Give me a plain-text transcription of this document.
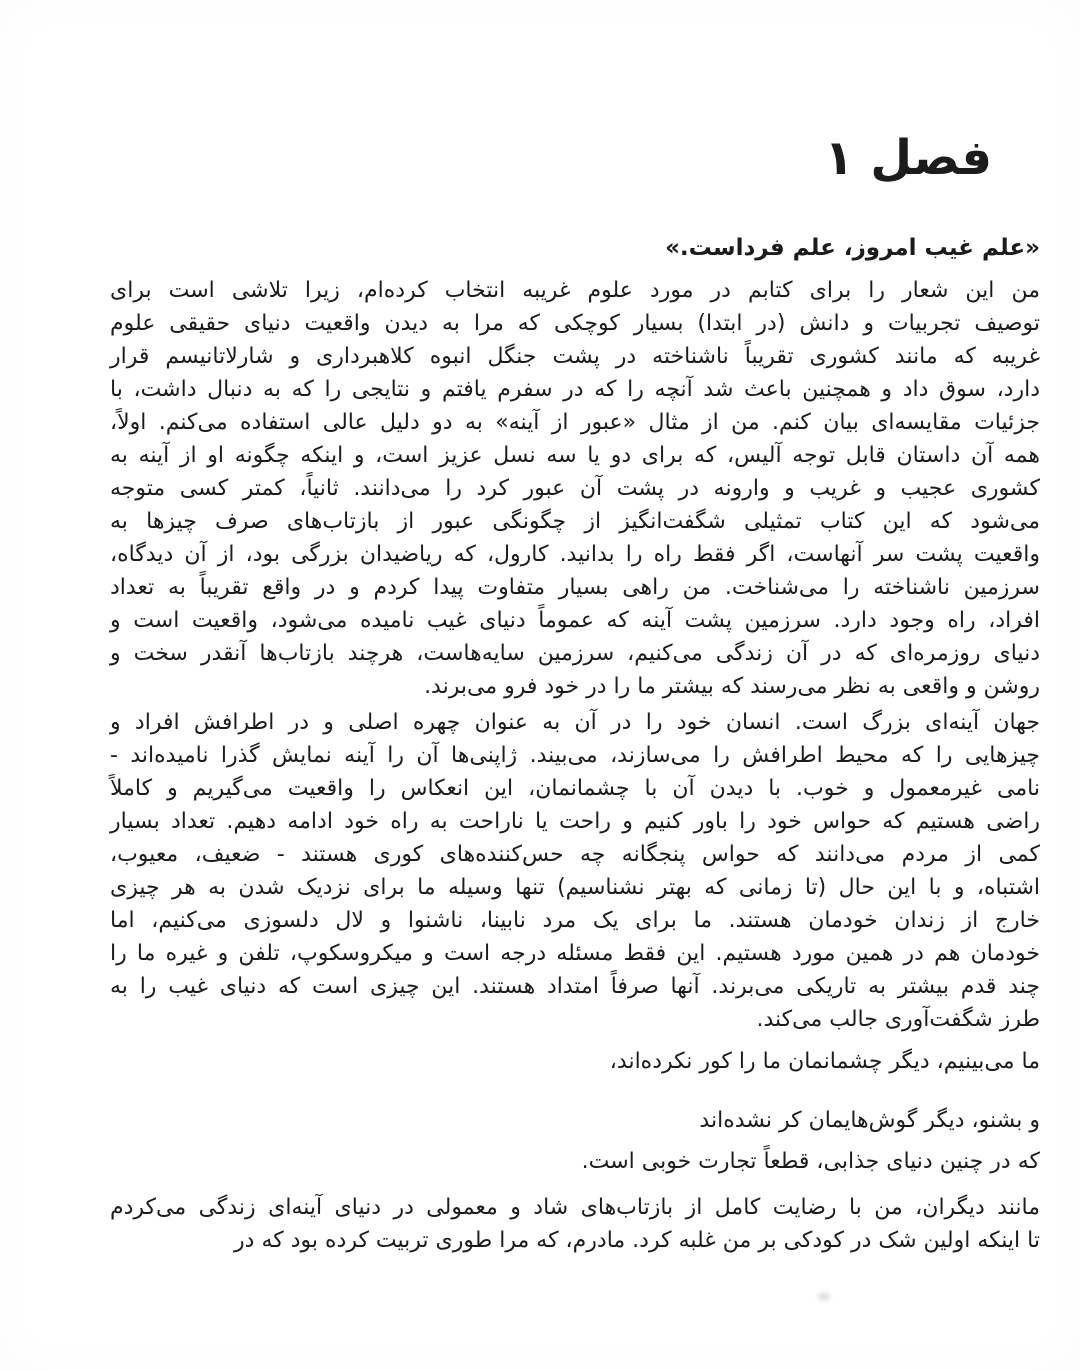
فصل ۱

«علم غیب امروز، علم فرداست.»

من این شعار را برای کتابم در مورد علوم غریبه انتخاب کرده‌ام، زیرا تلاشی است برای
توصیف تجربیات و دانش (در ابتدا) بسیار کوچکی که مرا به دیدن واقعیت دنیای حقیقی علوم
غریبه که مانند کشوری تقریباً ناشناخته در پشت جنگل انبوه کلاهبرداری و شارلاتانیسم قرار
دارد، سوق داد و همچنین باعث شد آنچه را که در سفرم یافتم و نتایجی را که به دنبال داشت، با
جزئیات مقایسه‌ای بیان کنم. من از مثال «عبور از آینه» به دو دلیل عالی استفاده می‌کنم. اولاً،
همه آن داستان قابل توجه آلیس، که برای دو یا سه نسل عزیز است، و اینکه چگونه او از آینه به
کشوری عجیب و غریب و وارونه در پشت آن عبور کرد را می‌دانند. ثانیاً، کمتر کسی متوجه
می‌شود که این کتاب تمثیلی شگفت‌انگیز از چگونگی عبور از بازتاب‌های صرف چیزها به
واقعیت پشت سر آنهاست، اگر فقط راه را بدانید. کارول، که ریاضیدان بزرگی بود، از آن دیدگاه،
سرزمین ناشناخته را می‌شناخت. من راهی بسیار متفاوت پیدا کردم و در واقع تقریباً به تعداد
افراد، راه وجود دارد. سرزمین پشت آینه که عموماً دنیای غیب نامیده می‌شود، واقعیت است و
دنیای روزمره‌ای که در آن زندگی می‌کنیم، سرزمین سایه‌هاست، هرچند بازتاب‌ها آنقدر سخت و
روشن و واقعی به نظر می‌رسند که بیشتر ما را در خود فرو می‌برند.
جهان آینه‌ای بزرگ است. انسان خود را در آن به عنوان چهره اصلی و در اطرافش افراد و
چیزهایی را که محیط اطرافش را می‌سازند، می‌بیند. ژاپنی‌ها آن را آینه نمایش گذرا نامیده‌اند -
نامی غیرمعمول و خوب. با دیدن آن با چشمانمان، این انعکاس را واقعیت می‌گیریم و کاملاً
راضی هستیم که حواس خود را باور کنیم و راحت یا ناراحت به راه خود ادامه دهیم. تعداد بسیار
کمی از مردم می‌دانند که حواس پنجگانه چه حس‌کننده‌های کوری هستند - ضعیف، معیوب،
اشتباه، و با این حال (تا زمانی که بهتر نشناسیم) تنها وسیله ما برای نزدیک شدن به هر چیزی
خارج از زندان خودمان هستند. ما برای یک مرد نابینا، ناشنوا و لال دلسوزی می‌کنیم، اما
خودمان هم در همین مورد هستیم. این فقط مسئله درجه است و میکروسکوپ، تلفن و غیره ما را
چند قدم بیشتر به تاریکی می‌برند. آنها صرفاً امتداد هستند. این چیزی است که دنیای غیب را به
طرز شگفت‌آوری جالب می‌کند.
ما می‌بینیم، دیگر چشمانمان ما را کور نکرده‌اند،
و بشنو، دیگر گوش‌هایمان کر نشده‌اند
که در چنین دنیای جذابی، قطعاً تجارت خوبی است.
مانند دیگران، من با رضایت کامل از بازتاب‌های شاد و معمولی در دنیای آینه‌ای زندگی می‌کردم
تا اینکه اولین شک در کودکی بر من غلبه کرد. مادرم، که مرا طوری تربیت کرده بود که در
